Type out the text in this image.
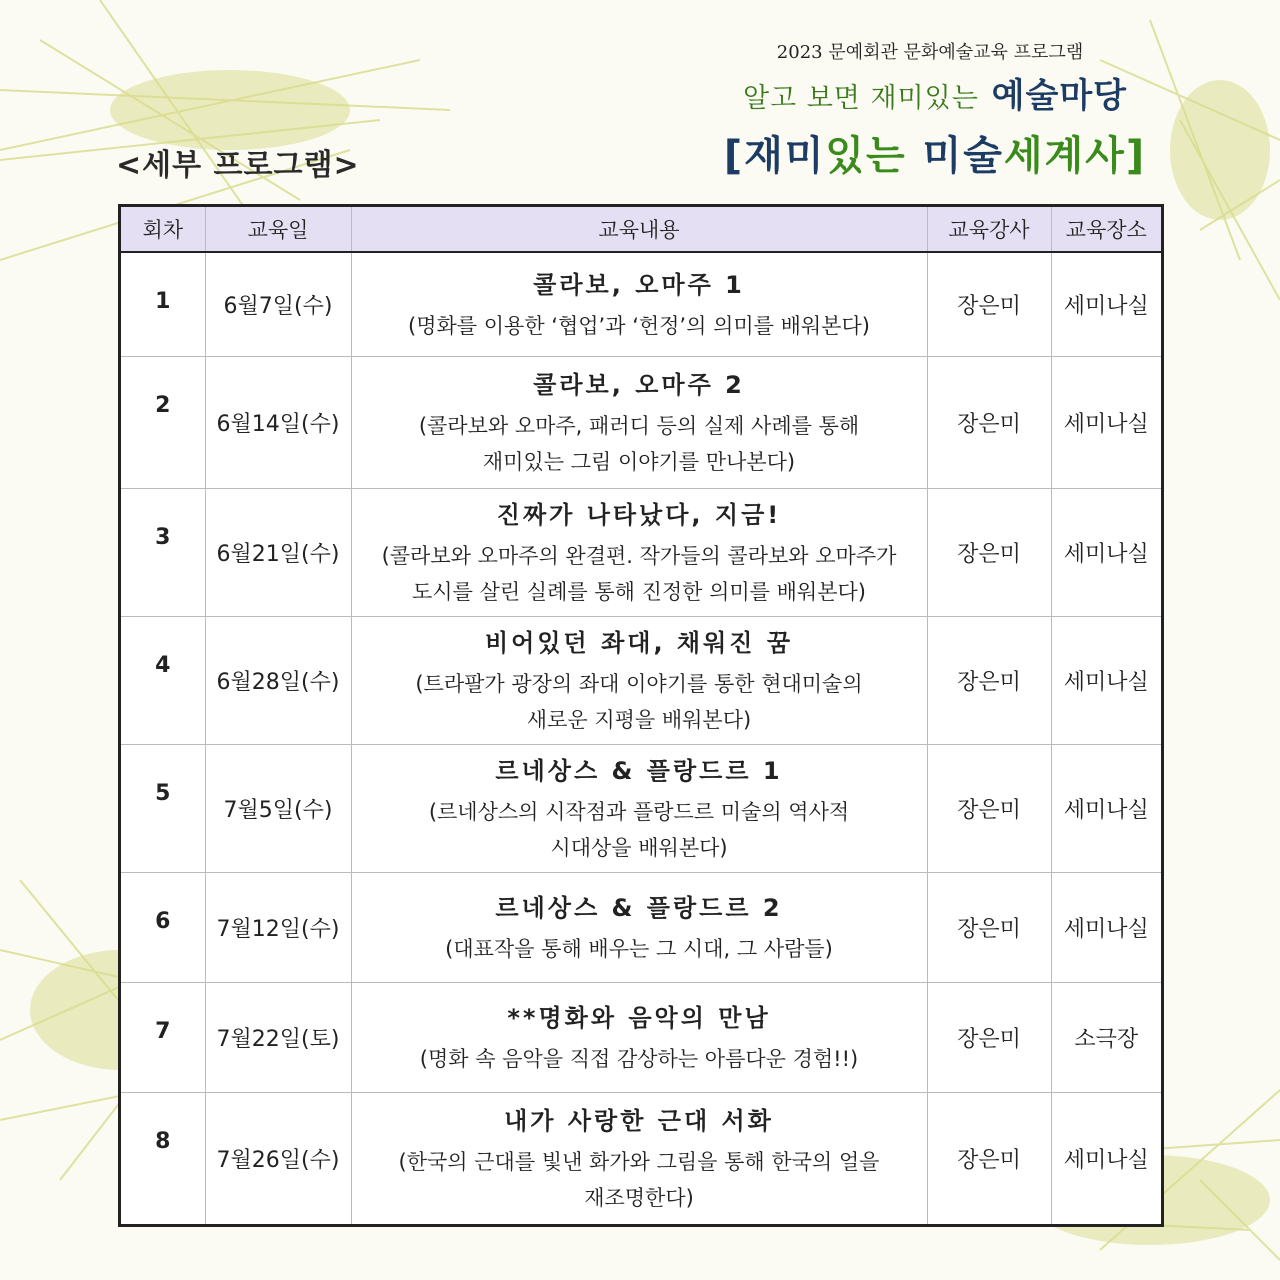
2023 문예회관 문화예술교육 프로그램
알고 보면 재미있는 예술마당
[재미있는 미술세계사]
<세부 프로그램>
회차	교육일	교육내용	교육강사	교육장소
1	6월7일(수)	콜라보, 오마주 1
(명화를 이용한 ‘협업’과 ‘헌정’의 의미를 배워본다)	장은미	세미나실
2	6월14일(수)	콜라보, 오마주 2
(콜라보와 오마주, 패러디 등의 실제 사례를 통해
재미있는 그림 이야기를 만나본다)	장은미	세미나실
3	6월21일(수)	진짜가 나타났다, 지금!
(콜라보와 오마주의 완결편. 작가들의 콜라보와 오마주가
도시를 살린 실례를 통해 진정한 의미를 배워본다)	장은미	세미나실
4	6월28일(수)	비어있던 좌대, 채워진 꿈
(트라팔가 광장의 좌대 이야기를 통한 현대미술의
새로운 지평을 배워본다)	장은미	세미나실
5	7월5일(수)	르네상스 & 플랑드르 1
(르네상스의 시작점과 플랑드르 미술의 역사적
시대상을 배워본다)	장은미	세미나실
6	7월12일(수)	르네상스 & 플랑드르 2
(대표작을 통해 배우는 그 시대, 그 사람들)	장은미	세미나실
7	7월22일(토)	**명화와 음악의 만남
(명화 속 음악을 직접 감상하는 아름다운 경험!!)	장은미	소극장
8	7월26일(수)	내가 사랑한 근대 서화
(한국의 근대를 빛낸 화가와 그림을 통해 한국의 얼을
재조명한다)	장은미	세미나실
